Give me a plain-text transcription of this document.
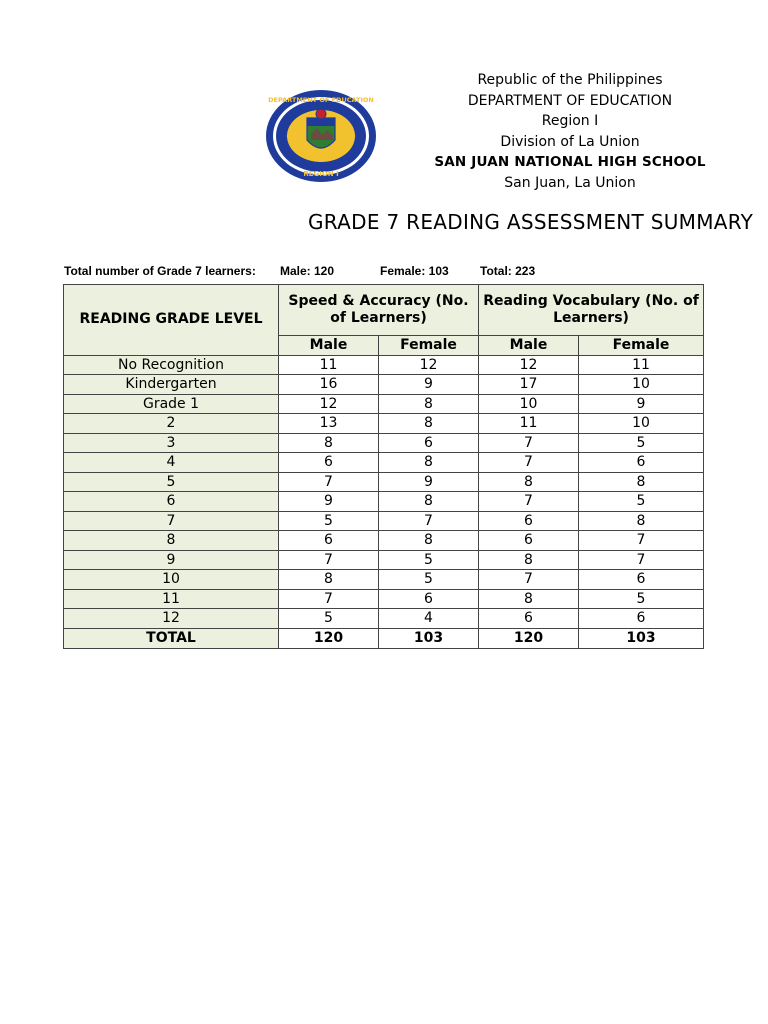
DEPARTMENT OF EDUCATION
REGION I
Republic of the Philippines
DEPARTMENT OF EDUCATION
Region I
Division of La Union
SAN JUAN NATIONAL HIGH SCHOOL
San Juan, La Union
GRADE 7 READING ASSESSMENT SUMMARY
Total number of Grade 7 learners: Male: 120	Female: 103	Total: 223
READING GRADE LEVEL	Speed & Accuracy (No. of Learners)		Reading Vocabulary (No. of Learners)	
	Male	Female	Male	Female
No Recognition	11	12	12	11
Kindergarten	16	9	17	10
Grade 1	12	8	10	9
2	13	8	11	10
3	8	6	7	5
4	6	8	7	6
5	7	9	8	8
6	9	8	7	5
7	5	7	6	8
8	6	8	6	7
9	7	5	8	7
10	8	5	7	6
11	7	6	8	5
12	5	4	6	6
TOTAL	120	103	120	103
